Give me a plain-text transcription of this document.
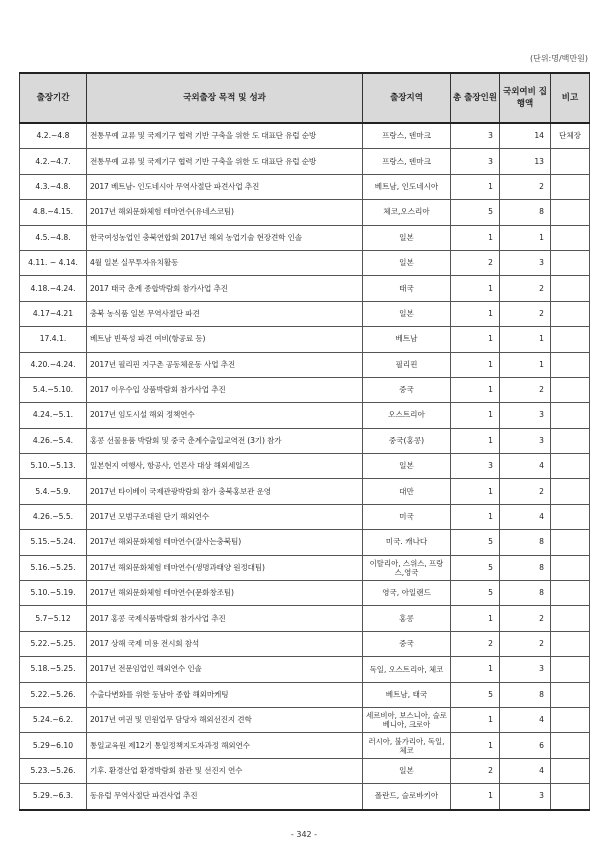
(단위:명/백만원)
출장기간	국외출장 목적 및 성과	출장지역	총 출장인원	국외여비 집행액	비고
4.2.~4.8	전통무예 교류 및 국제기구 협력 기반 구축을 위한 도 대표단 유럽 순방	프랑스, 덴마크	3	14	단체장
4.2.~4.7.	전통무예 교류 및 국제기구 협력 기반 구축을 위한 도 대표단 유럽 순방	프랑스, 덴마크	3	13	
4.3.~4.8.	2017 베트남- 인도네시아 무역사절단 파견사업 추진	베트남, 인도네시아	1	2	
4.8.~4.15.	2017년 해외문화체험 테마연수(유네스코팀)	체코,오스리아	5	8	
4.5.~4.8.	한국여성농업인 충북연합회 2017년 해외 농업기술 현장견학 인솔	일본	1	1	
4.11. ~ 4.14.	4월 일본 실무투자유치활동	일본	2	3	
4.18.~4.24.	2017 태국 춘계 종합박람회 참가사업 추진	태국	1	2	
4.17~4.21	충북 농식품 일본 무역사절단 파견	일본	1	2	
17.4.1.	베트남 빈푹성 파견 여비(항공료 등)	베트남	1	1	
4.20.~4.24.	2017년 필리핀 지구촌 공동체운동 사업 추진	필리핀	1	1	
5.4.~5.10.	2017 이우수입 상품박람회 참가사업 추진	중국	1	2	
4.24.~5.1.	2017년 임도시설 해외 정책연수	오스트리아	1	3	
4.26.~5.4.	홍콩 선물용품 박람회 및 중국 춘계수출입교역전 (3기) 참가	중국(홍콩)	1	3	
5.10.~5.13.	일본현지 여행사, 항공사, 언론사 대상 해외세일즈	일본	3	4	
5.4.~5.9.	2017년 타이베이 국제관광박람회 참가 충북홍보관 운영	대만	1	2	
4.26.~5.5.	2017년 모범구조대원 단기 해외연수	미국	1	4	
5.15.~5.24.	2017년 해외문화체험 테마연수(잘사는충북팀)	미국. 캐나다	5	8	
5.16.~5.25.	2017년 해외문화체험 테마연수(생명과태양 원정대팀)	이탈리아, 스위스, 프랑스,영국	5	8	
5.10.~5.19.	2017년 해외문화체험 테마연수(문화창조팀)	영국, 아일랜드	5	8	
5.7~5.12	2017 홍콩 국제식품박람회 참가사업 추진	홍콩	1	2	
5.22.~5.25.	2017 상해 국제 미용 전시회 참석	중국	2	2	
5.18.~5.25.	2017년 전문임업인 해외연수 인솔	독일, 오스트리아, 체코	1	3	
5.22.~5.26.	수출다변화를 위한 동남아 종합 해외마케팅	베트남, 태국	5	8	
5.24.~6.2.	2017년 여권 및 민원업무 담당자 해외선진지 견학	세르비아, 보스니아, 슬로베니아, 크로아	1	4	
5.29~6.10	통일교육원 제12기 통일정책지도자과정 해외연수	러시아, 불가리아, 독일, 체코	1	6	
5.23.~5.26.	기후. 환경산업 환경박람회 참관 및 선진지 연수	일본	2	4	
5.29.~6.3.	동유럽 무역사절단 파견사업 추진	폴란드, 슬로바키아	1	3	
- 342 -
